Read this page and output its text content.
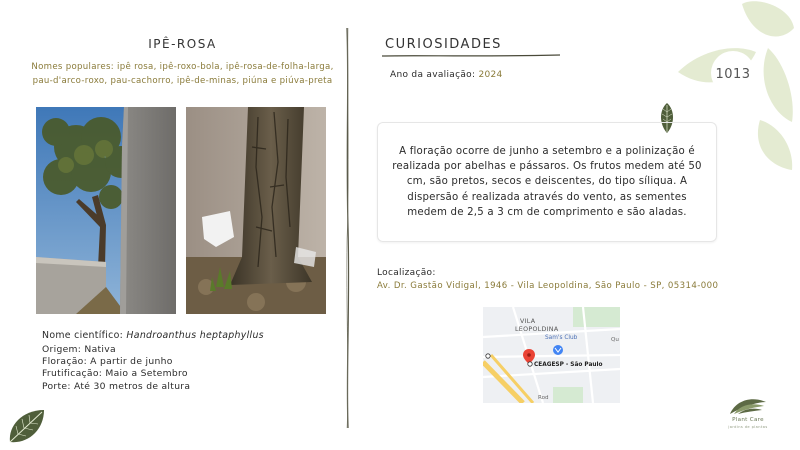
1013
IPÊ-ROSA
Nomes populares: ipê rosa, ipê-roxo-bola, ipê-rosa-de-folha-larga, pau-d'arco-roxo, pau-cachorro, ipê-de-minas, piúna e piúva-preta
Nome científico: Handroanthus heptaphyllus
Origem: Nativa
Floração: A partir de junho
Frutificação: Maio a Setembro
Porte: Até 30 metros de altura
CURIOSIDADES
Ano da avaliação: 2024
A floração ocorre de junho a setembro e a polinização é realizada por abelhas e pássaros. Os frutos medem até 50 cm, são pretos, secos e deiscentes, do tipo síliqua. A dispersão é realizada através do vento, as sementes medem de 2,5 a 3 cm de comprimento e são aladas.
Localização:
Av. Dr. Gastão Vidigal, 1946 - Vila Leopoldina, São Paulo - SP, 05314-000
VILA
LEOPOLDINA
Sam's Club
CEAGESP - São Paulo
Rod
Qu
Plant Care
jardins de plantas
